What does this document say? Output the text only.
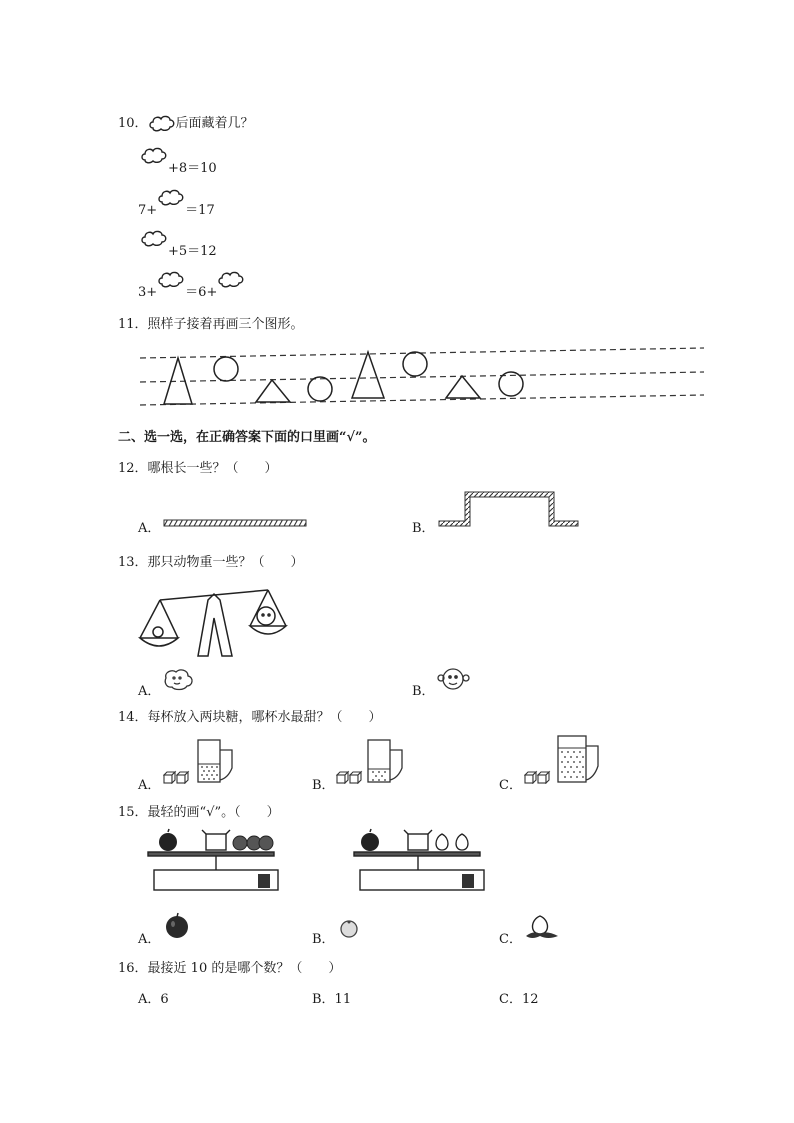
10． 后面藏着几？
+8＝10
7+ ＝17
+5＝12
3+ ＝6+
11．照样子接着再画三个图形。
二、选一选，在正确答案下面的口里画“√”。
12．哪根长一些？（　　）
A．	B．
13．那只动物重一些？（　　）
A．	B．
14．每杯放入两块糖，哪杯水最甜？（　　）
A．	B．	C．
15．最轻的画“√”。（　　）
A．	B．	C．
16．最接近 10 的是哪个数？（　　）
A．6	B．11	C．12
